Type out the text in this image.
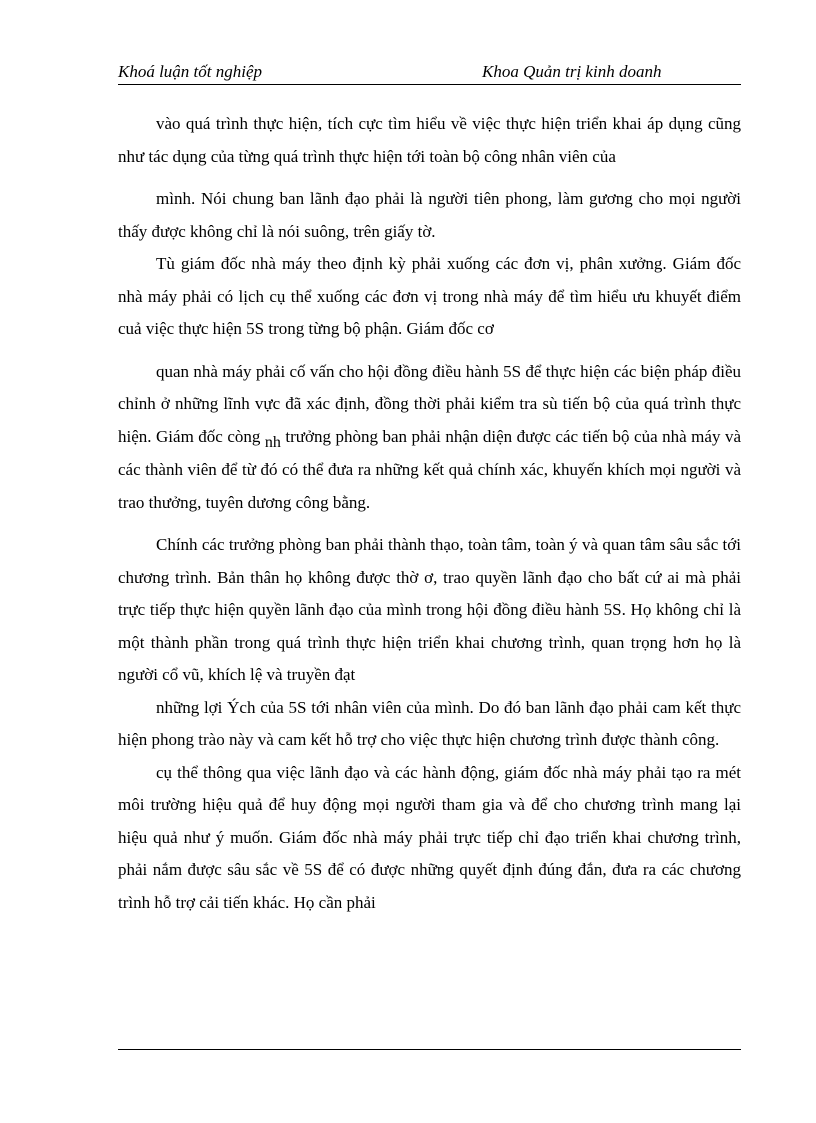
Khoá luận tốt nghiệp	Khoa Quản trị kinh doanh

vào quá trình thực hiện, tích cực tìm hiểu về việc thực hiện triển khai áp dụng cũng như tác dụng của từng quá trình thực hiện tới toàn bộ công nhân viên của

mình. Nói chung ban lãnh đạo phải là người tiên phong, làm gương cho mọi người thấy được không chỉ là nói suông, trên giấy tờ.

Tù giám đốc nhà máy theo định kỳ phải xuống các đơn vị, phân xưởng. Giám đốc nhà máy phải có lịch cụ thể xuống các đơn vị trong nhà máy để tìm hiểu ưu khuyết điểm cuả việc thực hiện 5S trong từng bộ phận. Giám đốc cơ

quan nhà máy phải cố vấn cho hội đồng điều hành 5S để thực hiện các biện pháp điều chỉnh ở những lĩnh vực đã xác định, đồng thời phải kiểm tra sù tiến bộ của quá trình thực hiện. Giám đốc còng nh trưởng phòng ban phải nhận diện được các tiến bộ của nhà máy và các thành viên để từ đó có thể đưa ra những kết quả chính xác, khuyến khích mọi người và trao thưởng, tuyên dương công bằng.

Chính các trưởng phòng ban phải thành thạo, toàn tâm, toàn ý và quan tâm sâu sắc tới chương trình. Bản thân họ không được thờ ơ, trao quyền lãnh đạo cho bất cứ ai mà phải trực tiếp thực hiện quyền lãnh đạo của mình trong hội đồng điều hành 5S. Họ không chỉ là một thành phần trong quá trình thực hiện triển khai chương trình, quan trọng hơn họ là người cổ vũ, khích lệ và truyền đạt

những lợi Ých của 5S tới nhân viên của mình. Do đó ban lãnh đạo phải cam kết thực hiện phong trào này và cam kết hỗ trợ cho việc thực hiện chương trình được thành công.

cụ thể thông qua việc lãnh đạo và các hành động, giám đốc nhà máy phải tạo ra mét môi trường hiệu quả để huy động mọi người tham gia và để cho chương trình mang lại hiệu quả như ý muốn. Giám đốc nhà máy phải trực tiếp chỉ đạo triển khai chương trình, phải nắm được sâu sắc về 5S để có được những quyết định đúng đắn, đưa ra các chương trình hỗ trợ cải tiến khác. Họ cần phải
